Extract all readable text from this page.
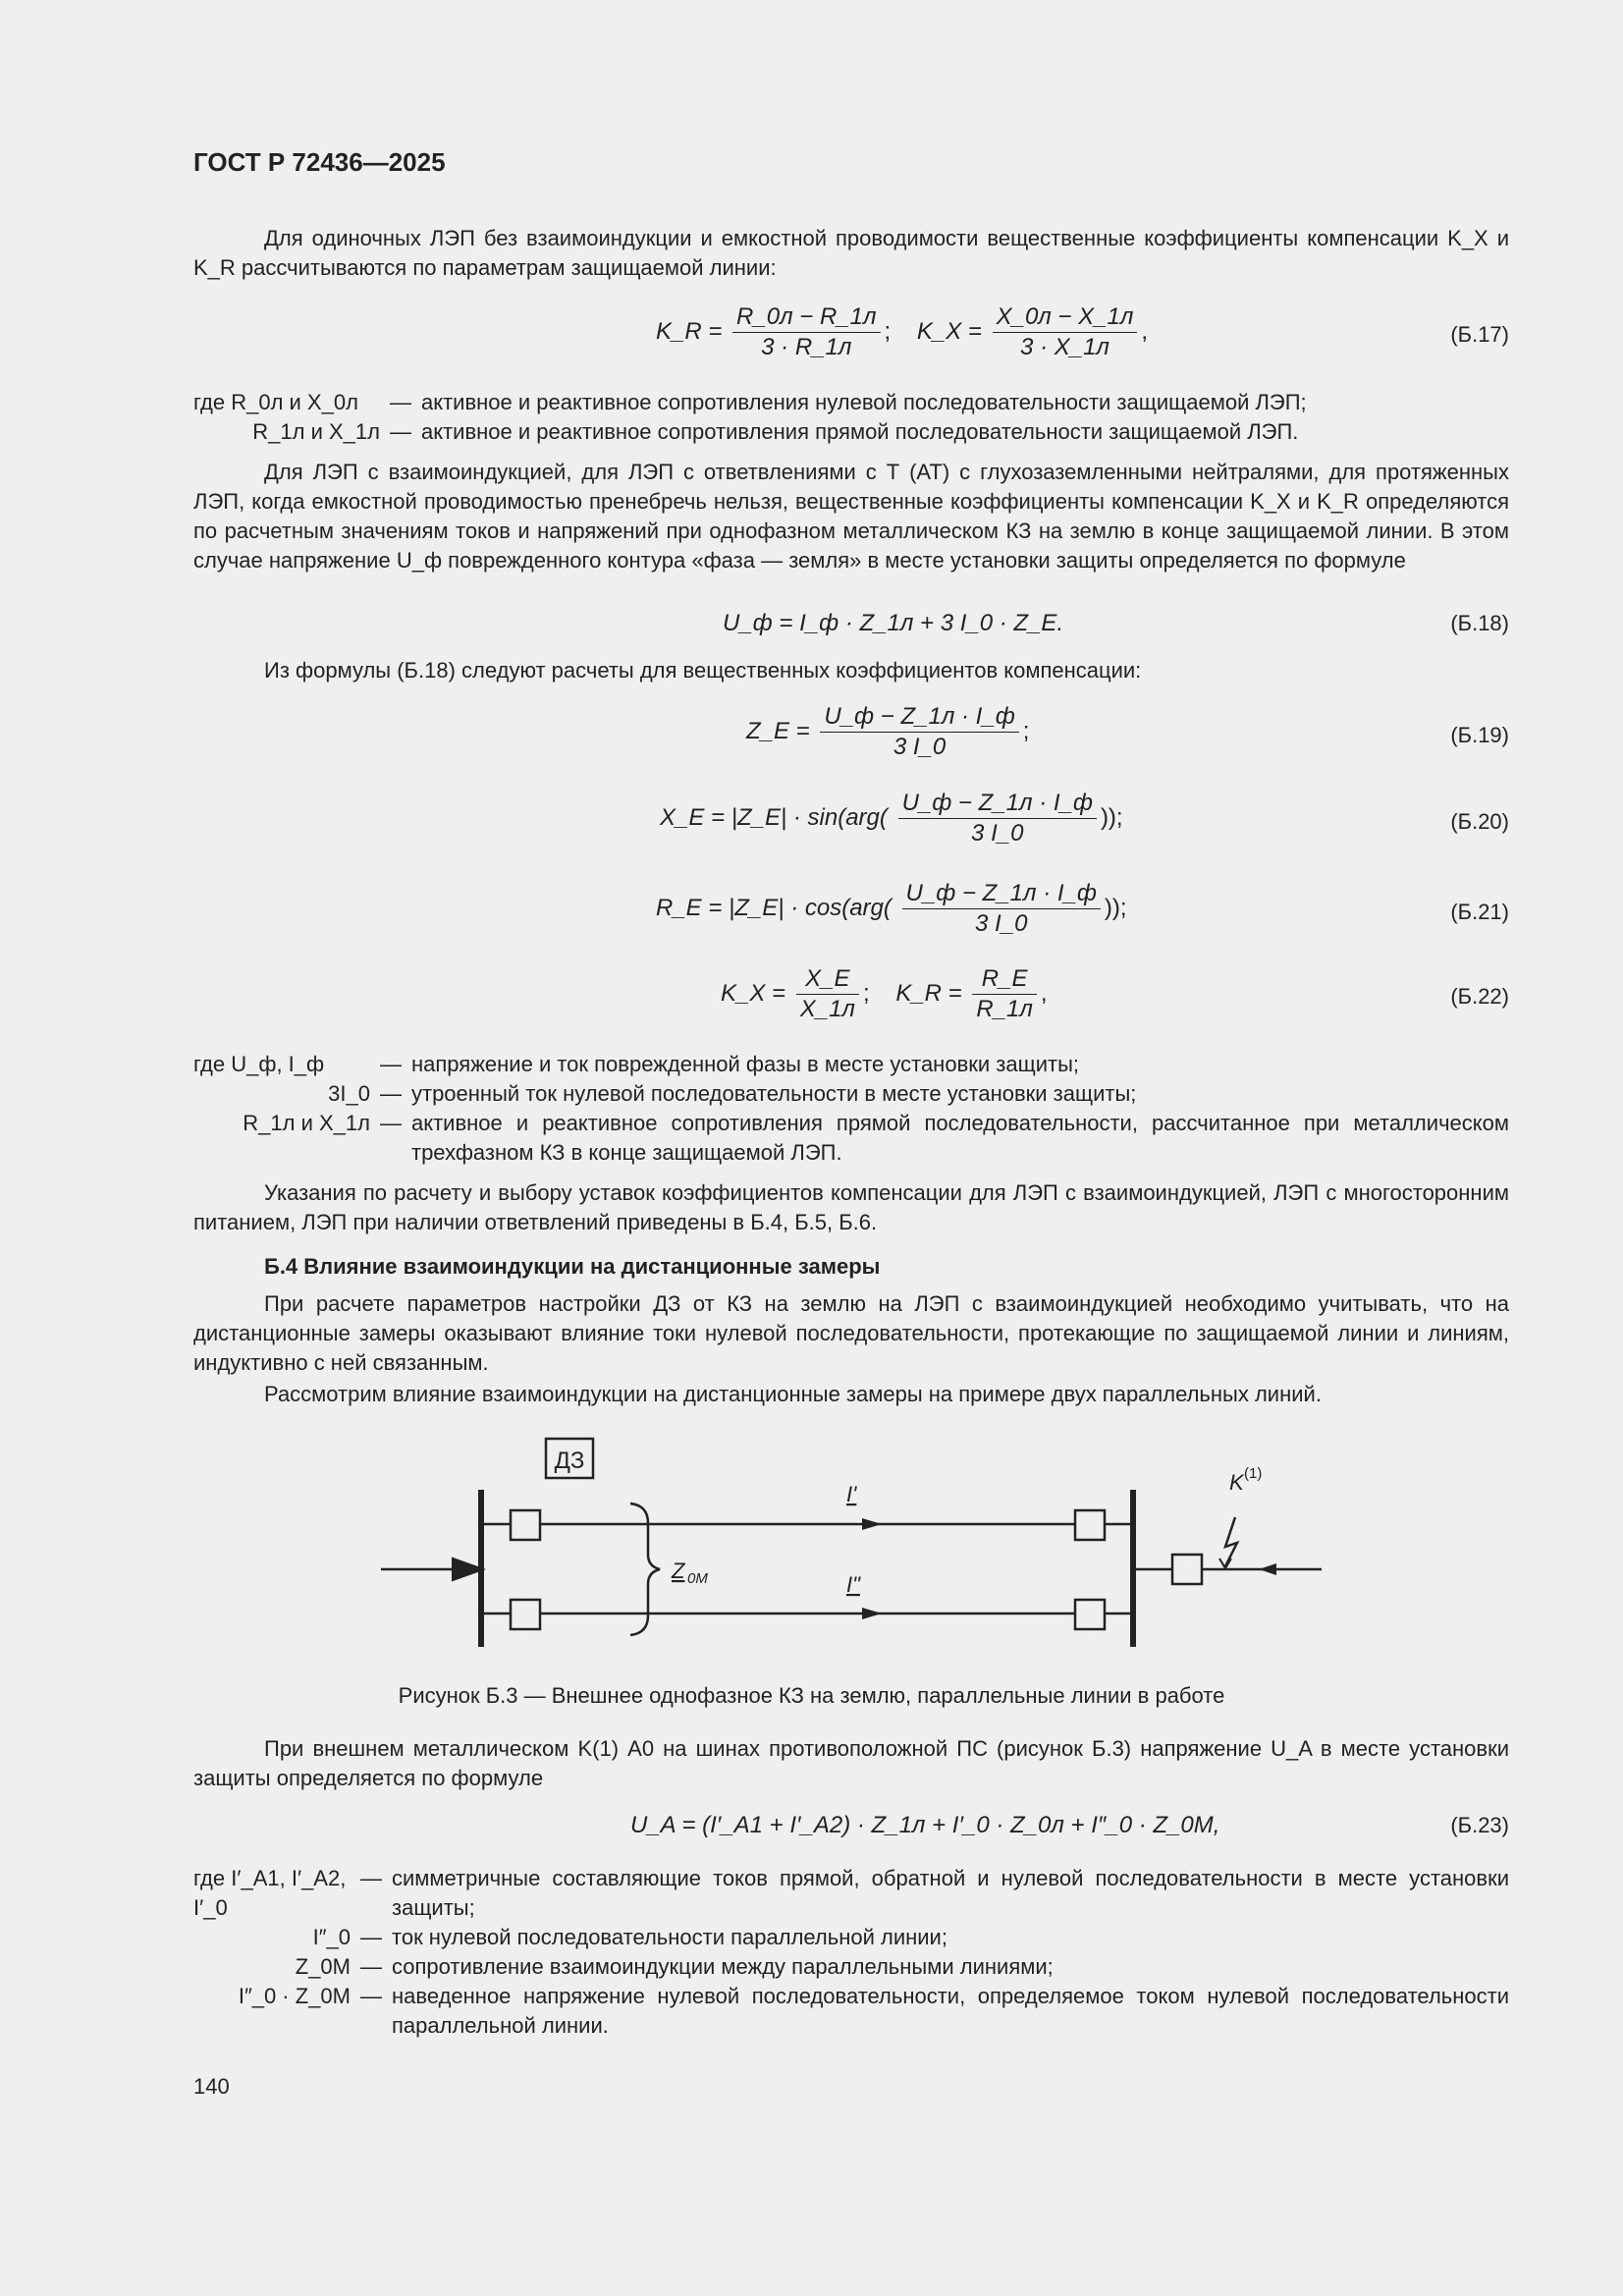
ГОСТ Р 72436—2025
Для одиночных ЛЭП без взаимоиндукции и емкостной проводимости вещественные коэффициенты компенсации K_X и K_R рассчитываются по параметрам защищаемой линии:
K_R = $\frac{R\_0л - R\_1л}{3 \cdot R\_1л}$ ; K_X = $\frac{X\_0л - X\_1л}{3 \cdot X\_1л}$ ,	(Б.17)
где R_0л и X_0л	— активное и реактивное сопротивления нулевой последовательности защищаемой ЛЭП;
R_1л и X_1л — активное и реактивное сопротивления прямой последовательности защищаемой ЛЭП.
Для ЛЭП с взаимоиндукцией, для ЛЭП с ответвлениями с Т (АТ) с глухозаземленными нейтралями, для протяженных ЛЭП, когда емкостной проводимостью пренебречь нельзя, вещественные коэффициенты компенсации K_X и K_R определяются по расчетным значениям токов и напряжений при однофазном металлическом КЗ на землю в конце защищаемой линии. В этом случае напряжение U_ф поврежденного контура «фаза — земля» в месте установки защиты определяется по формуле
U_ф = I_ф · Z_1л + 3 I_0 · Z_E.	(Б.18)
Из формулы (Б.18) следуют расчеты для вещественных коэффициентов компенсации:
Z_E = $\frac{U\_ф - Z\_1л \cdot I\_ф}{3 I\_0}$ ;	(Б.19)
X_E = |Z_E| · $\sin(arg( \frac{U\_ф - Z\_1л \cdot I\_ф}{3 I\_0}$ ));	(Б.20)
R_E = |Z_E| · $\cos(arg( \frac{U\_ф - Z\_1л \cdot I\_ф}{3 I\_0}$ ));	(Б.21)
K_X = $\frac{X\_E}{X\_1л}$ ; K_R = $\frac{R\_E}{R\_1л}$ ,	(Б.22)
где U_ф, I_ф	— напряжение и ток поврежденной фазы в месте установки защиты;
3I_0 — утроенный ток нулевой последовательности в месте установки защиты;
R_1л и X_1л — активное и реактивное сопротивления прямой последовательности, рассчитанное при металлическом трехфазном КЗ в конце защищаемой ЛЭП.
Указания по расчету и выбору уставок коэффициентов компенсации для ЛЭП с взаимоиндукцией, ЛЭП с многосторонним питанием, ЛЭП при наличии ответвлений приведены в Б.4, Б.5, Б.6.
Б.4 Влияние взаимоиндукции на дистанционные замеры
При расчете параметров настройки ДЗ от КЗ на землю на ЛЭП с взаимоиндукцией необходимо учитывать, что на дистанционные замеры оказывают влияние токи нулевой последовательности, протекающие по защищаемой линии и линиям, индуктивно с ней связанным.
Рассмотрим влияние взаимоиндукции на дистанционные замеры на примере двух параллельных линий.
ДЗ
K (1)
Z 0M
I'
I"
Рисунок Б.3 — Внешнее однофазное КЗ на землю, параллельные линии в работе
При внешнем металлическом K(1) А0 на шинах противоположной ПС (рисунок Б.3) напряжение U_A в месте установки защиты определяется по формуле
U_A = (I′_A1 + I′_A2) · Z_1л + I′_0 · Z_0л + I″_0 · Z_0M,	(Б.23)
где I′_A1, I′_A2, I′_0
— симметричные составляющие токов прямой, обратной и нулевой последовательности в месте установки защиты;
I″_0 — ток нулевой последовательности параллельной линии;
Z_0M — сопротивление взаимоиндукции между параллельными линиями;
I″_0 · Z_0M — наведенное напряжение нулевой последовательности, определяемое током нулевой последовательности параллельной линии.
140
